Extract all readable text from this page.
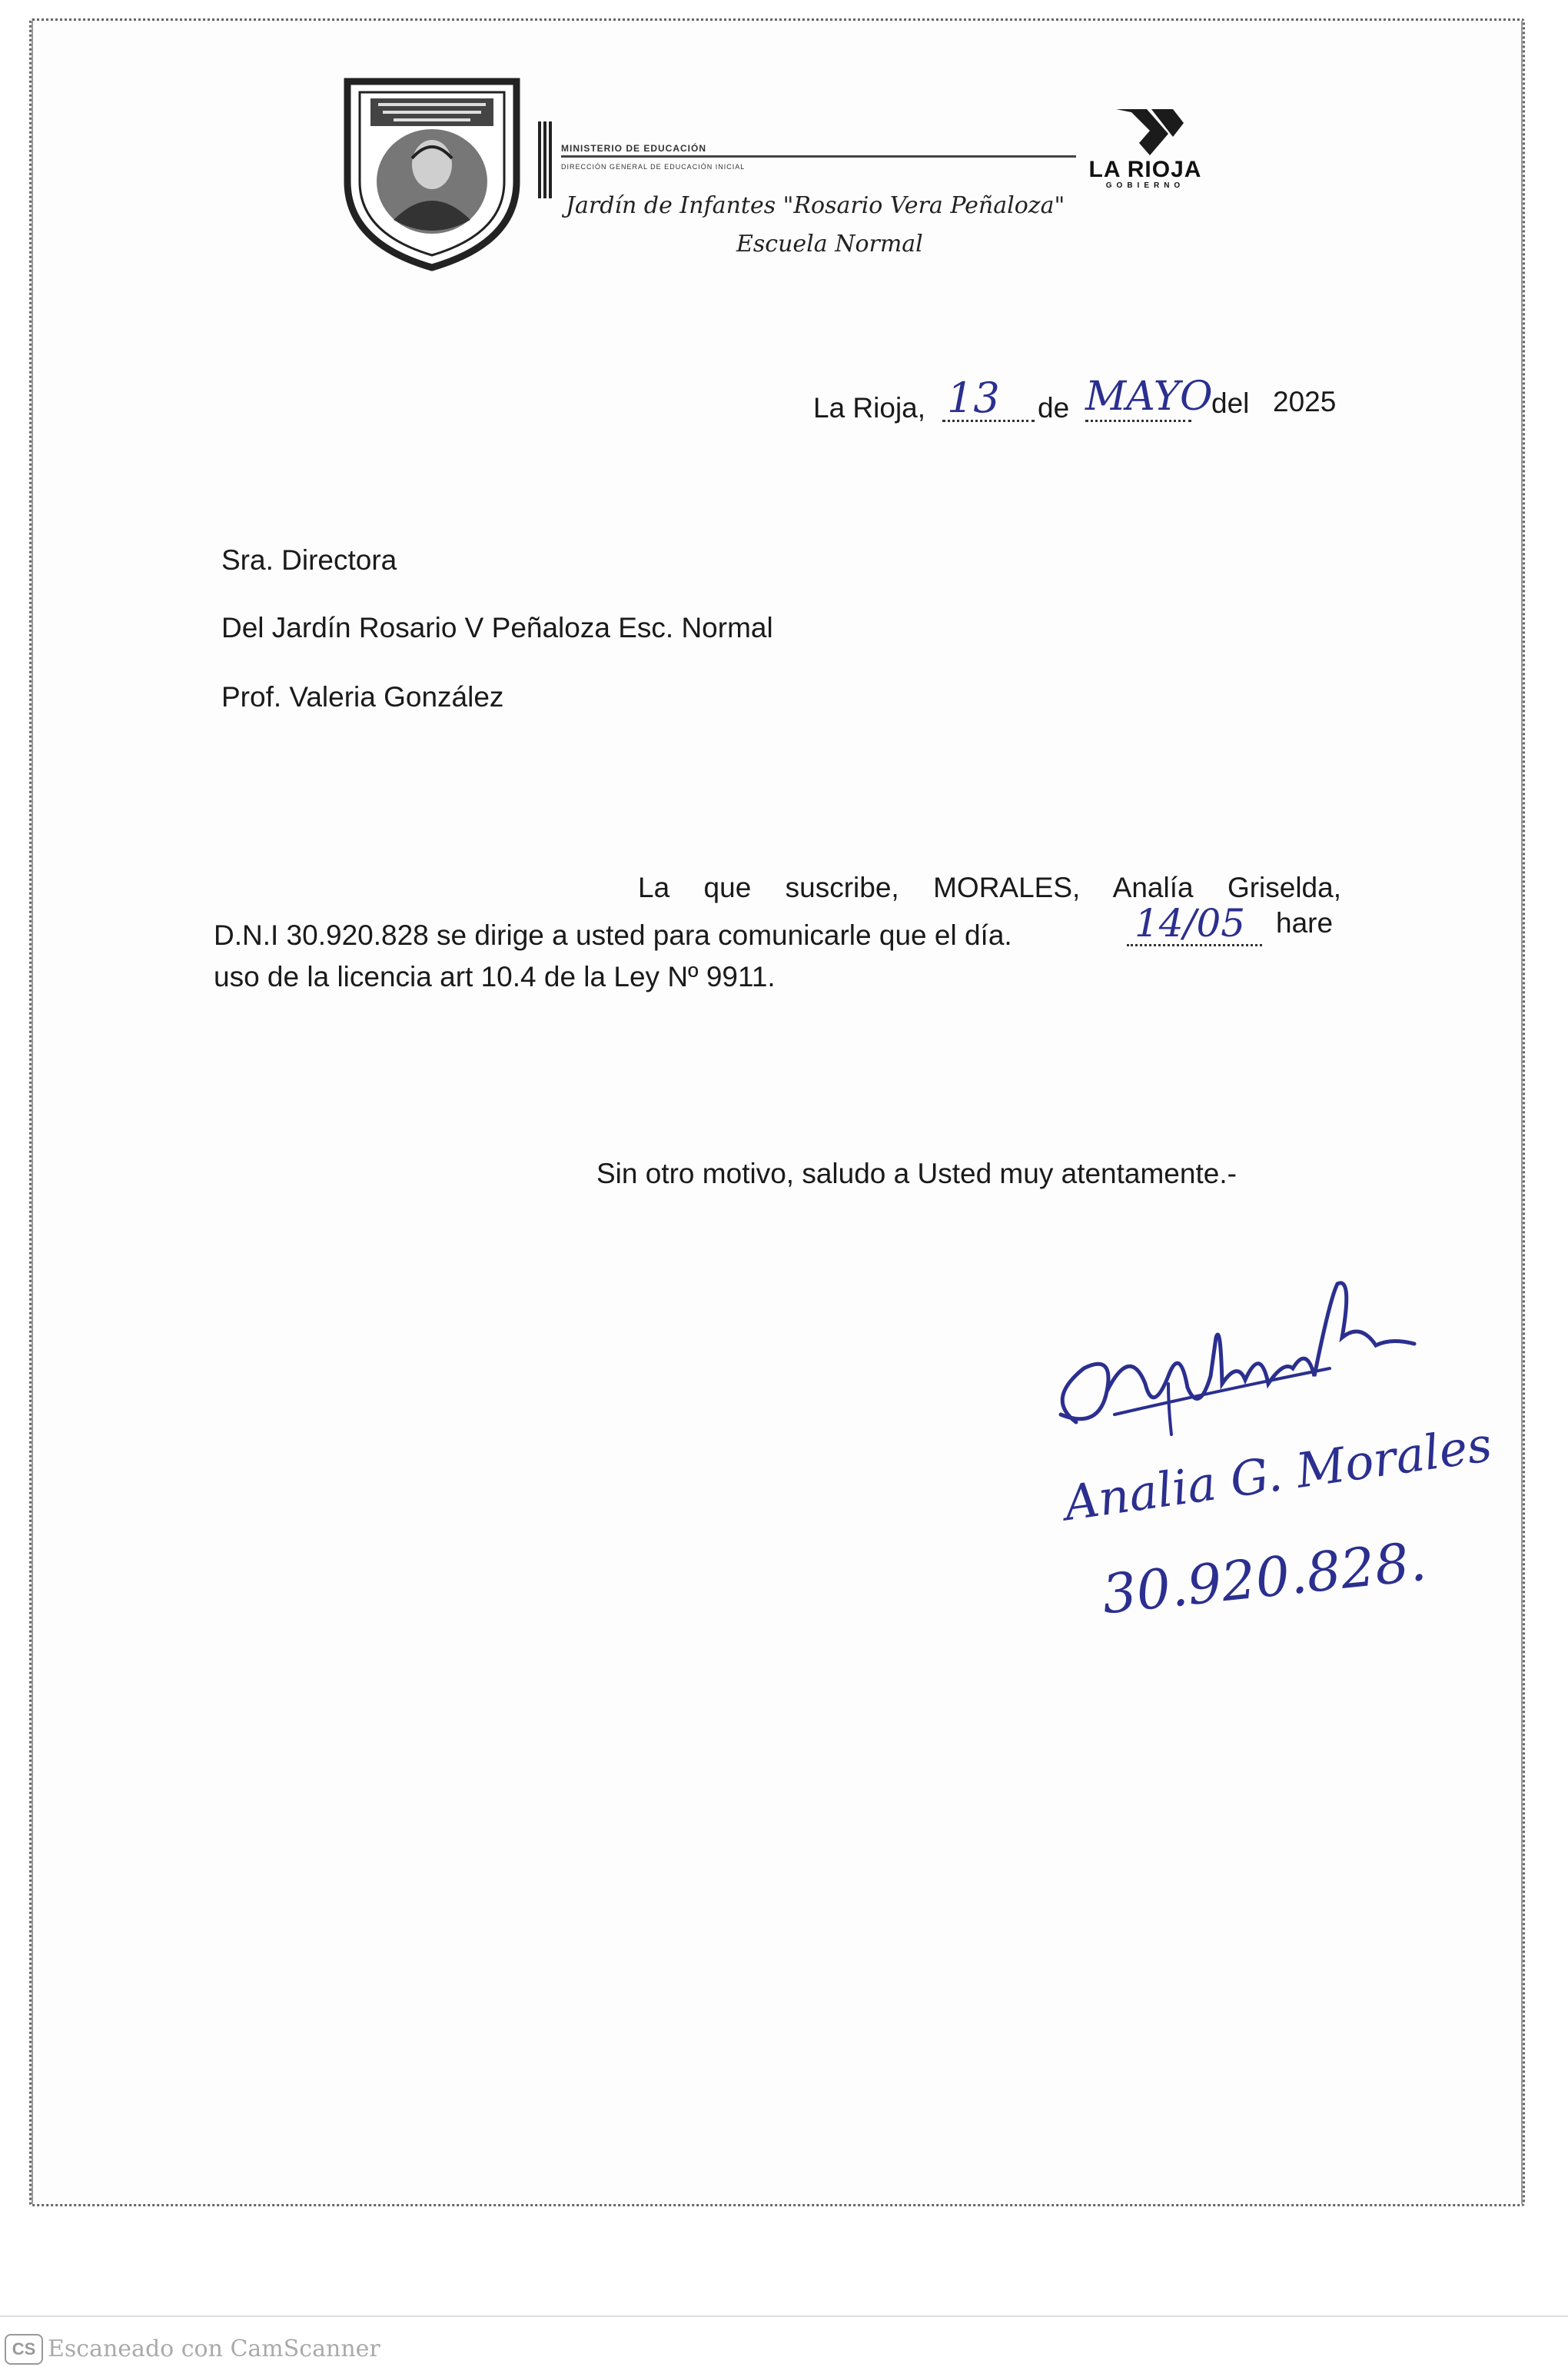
MINISTERIO DE EDUCACIÓN
DIRECCIÓN GENERAL DE EDUCACIÓN INICIAL
Jardín de Infantes "Rosario Vera Peñaloza"
Escuela Normal
LA RIOJA
GOBIERNO
La Rioja, 13 de MAYO
del 2025
Sra. Directora
Del Jardín Rosario V Peñaloza Esc. Normal
Prof. Valeria González
La que suscribe, MORALES, Analía Griselda,
D.N.I 30.920.828 se dirige a usted para comunicarle que el día.	14/05 hare
uso de la licencia art 10.4 de la Ley Nº 9911.
Sin otro motivo, saludo a Usted muy atentamente.-
Analia G. Morales
30.920.828.
CS Escaneado con CamScanner
